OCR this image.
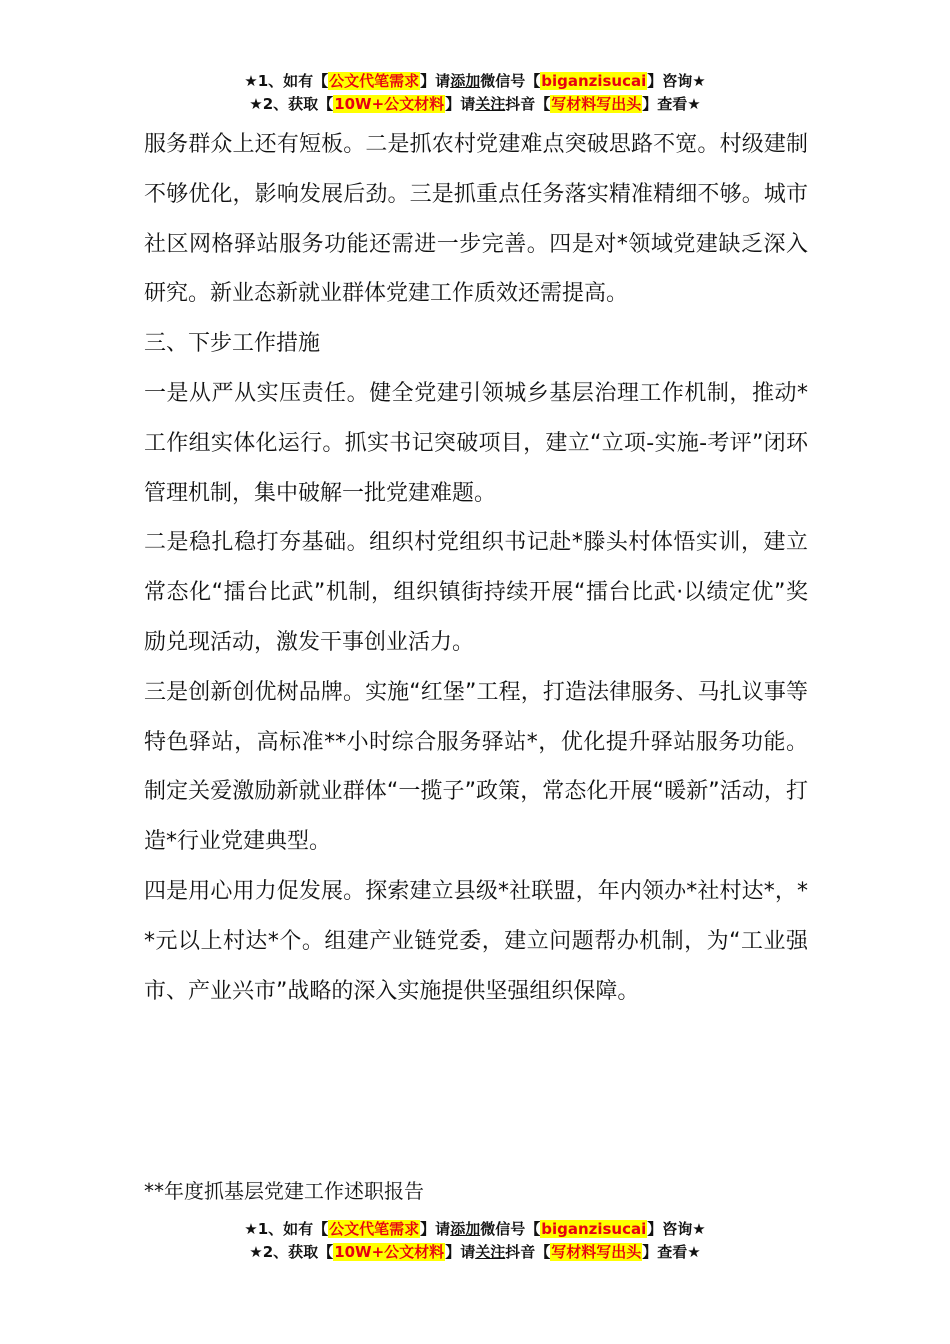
★1、如有【公文代笔需求】请添加微信号【biganzisucai】咨询★
★2、获取【10W+公文材料】请关注抖音【写材料写出头】查看★

服务群众上还有短板。二是抓农村党建难点突破思路不宽。村级建制不够优化，影响发展后劲。三是抓重点任务落实精准精细不够。城市社区网格驿站服务功能还需进一步完善。四是对*领域党建缺乏深入研究。新业态新就业群体党建工作质效还需提高。

三、下步工作措施

一是从严从实压责任。健全党建引领城乡基层治理工作机制，推动*工作组实体化运行。抓实书记突破项目，建立“立项-实施-考评”闭环管理机制，集中破解一批党建难题。

二是稳扎稳打夯基础。组织村党组织书记赴*滕头村体悟实训，建立常态化“擂台比武”机制，组织镇街持续开展“擂台比武·以绩定优”奖励兑现活动，激发干事创业活力。

三是创新创优树品牌。实施“红堡”工程，打造法律服务、马扎议事等特色驿站，高标准**小时综合服务驿站*，优化提升驿站服务功能。制定关爱激励新就业群体“一揽子”政策，常态化开展“暖新”活动，打造*行业党建典型。

四是用心用力促发展。探索建立县级*社联盟，年内领办*社村达*，**元以上村达*个。组建产业链党委，建立问题帮办机制，为“工业强市、产业兴市”战略的深入实施提供坚强组织保障。

**年度抓基层党建工作述职报告
★1、如有【公文代笔需求】请添加微信号【biganzisucai】咨询★
★2、获取【10W+公文材料】请关注抖音【写材料写出头】查看★
